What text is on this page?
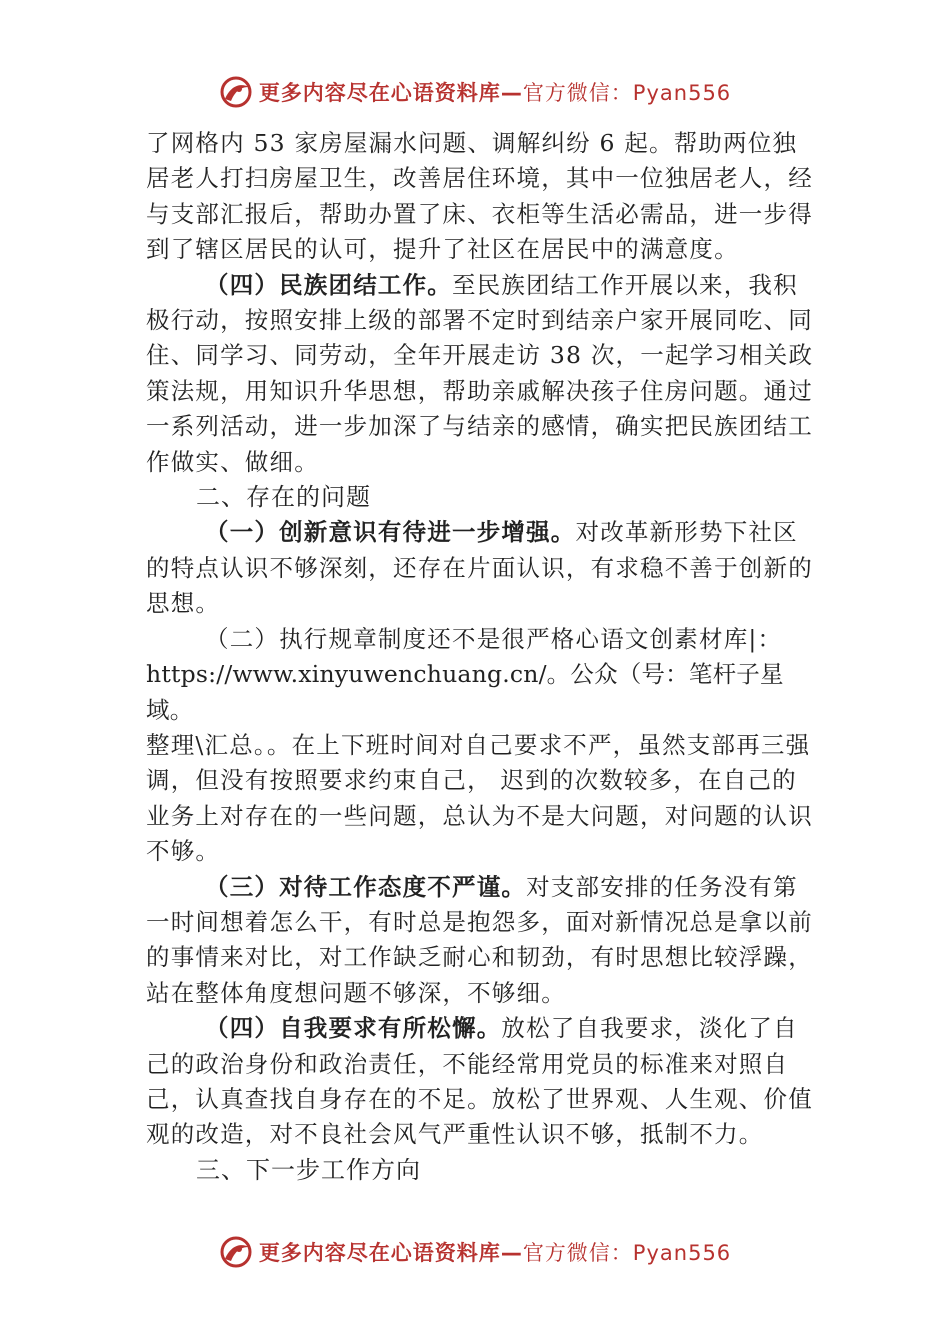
更多内容尽在心语资料库—官方微信：Pyan556

了网格内 53 家房屋漏水问题、调解纠纷 6 起。帮助两位独居老人打扫房屋卫生，改善居住环境，其中一位独居老人，经与支部汇报后，帮助办置了床、衣柜等生活必需品，进一步得到了辖区居民的认可，提升了社区在居民中的满意度。

（四）民族团结工作。至民族团结工作开展以来，我积极行动，按照安排上级的部署不定时到结亲户家开展同吃、同住、同学习、同劳动，全年开展走访 38 次，一起学习相关政策法规，用知识升华思想，帮助亲戚解决孩子住房问题。通过一系列活动，进一步加深了与结亲的感情，确实把民族团结工作做实、做细。

二、存在的问题

（一）创新意识有待进一步增强。对改革新形势下社区的特点认识不够深刻，还存在片面认识，有求稳不善于创新的思想。

（二）执行规章制度还不是很严格心语文创素材库|：
https://www.xinyuwenchuang.cn/。公众（号：笔杆子星域。
整理\汇总。。在上下班时间对自己要求不严，虽然支部再三强调，但没有按照要求约束自己， 迟到的次数较多，在自己的业务上对存在的一些问题，总认为不是大问题，对问题的认识不够。

（三）对待工作态度不严谨。对支部安排的任务没有第一时间想着怎么干，有时总是抱怨多，面对新情况总是拿以前的事情来对比，对工作缺乏耐心和韧劲，有时思想比较浮躁，站在整体角度想问题不够深，不够细。

（四）自我要求有所松懈。放松了自我要求，淡化了自己的政治身份和政治责任，不能经常用党员的标准来对照自己，认真查找自身存在的不足。放松了世界观、人生观、价值观的改造，对不良社会风气严重性认识不够，抵制不力。

三、下一步工作方向

更多内容尽在心语资料库—官方微信：Pyan556
